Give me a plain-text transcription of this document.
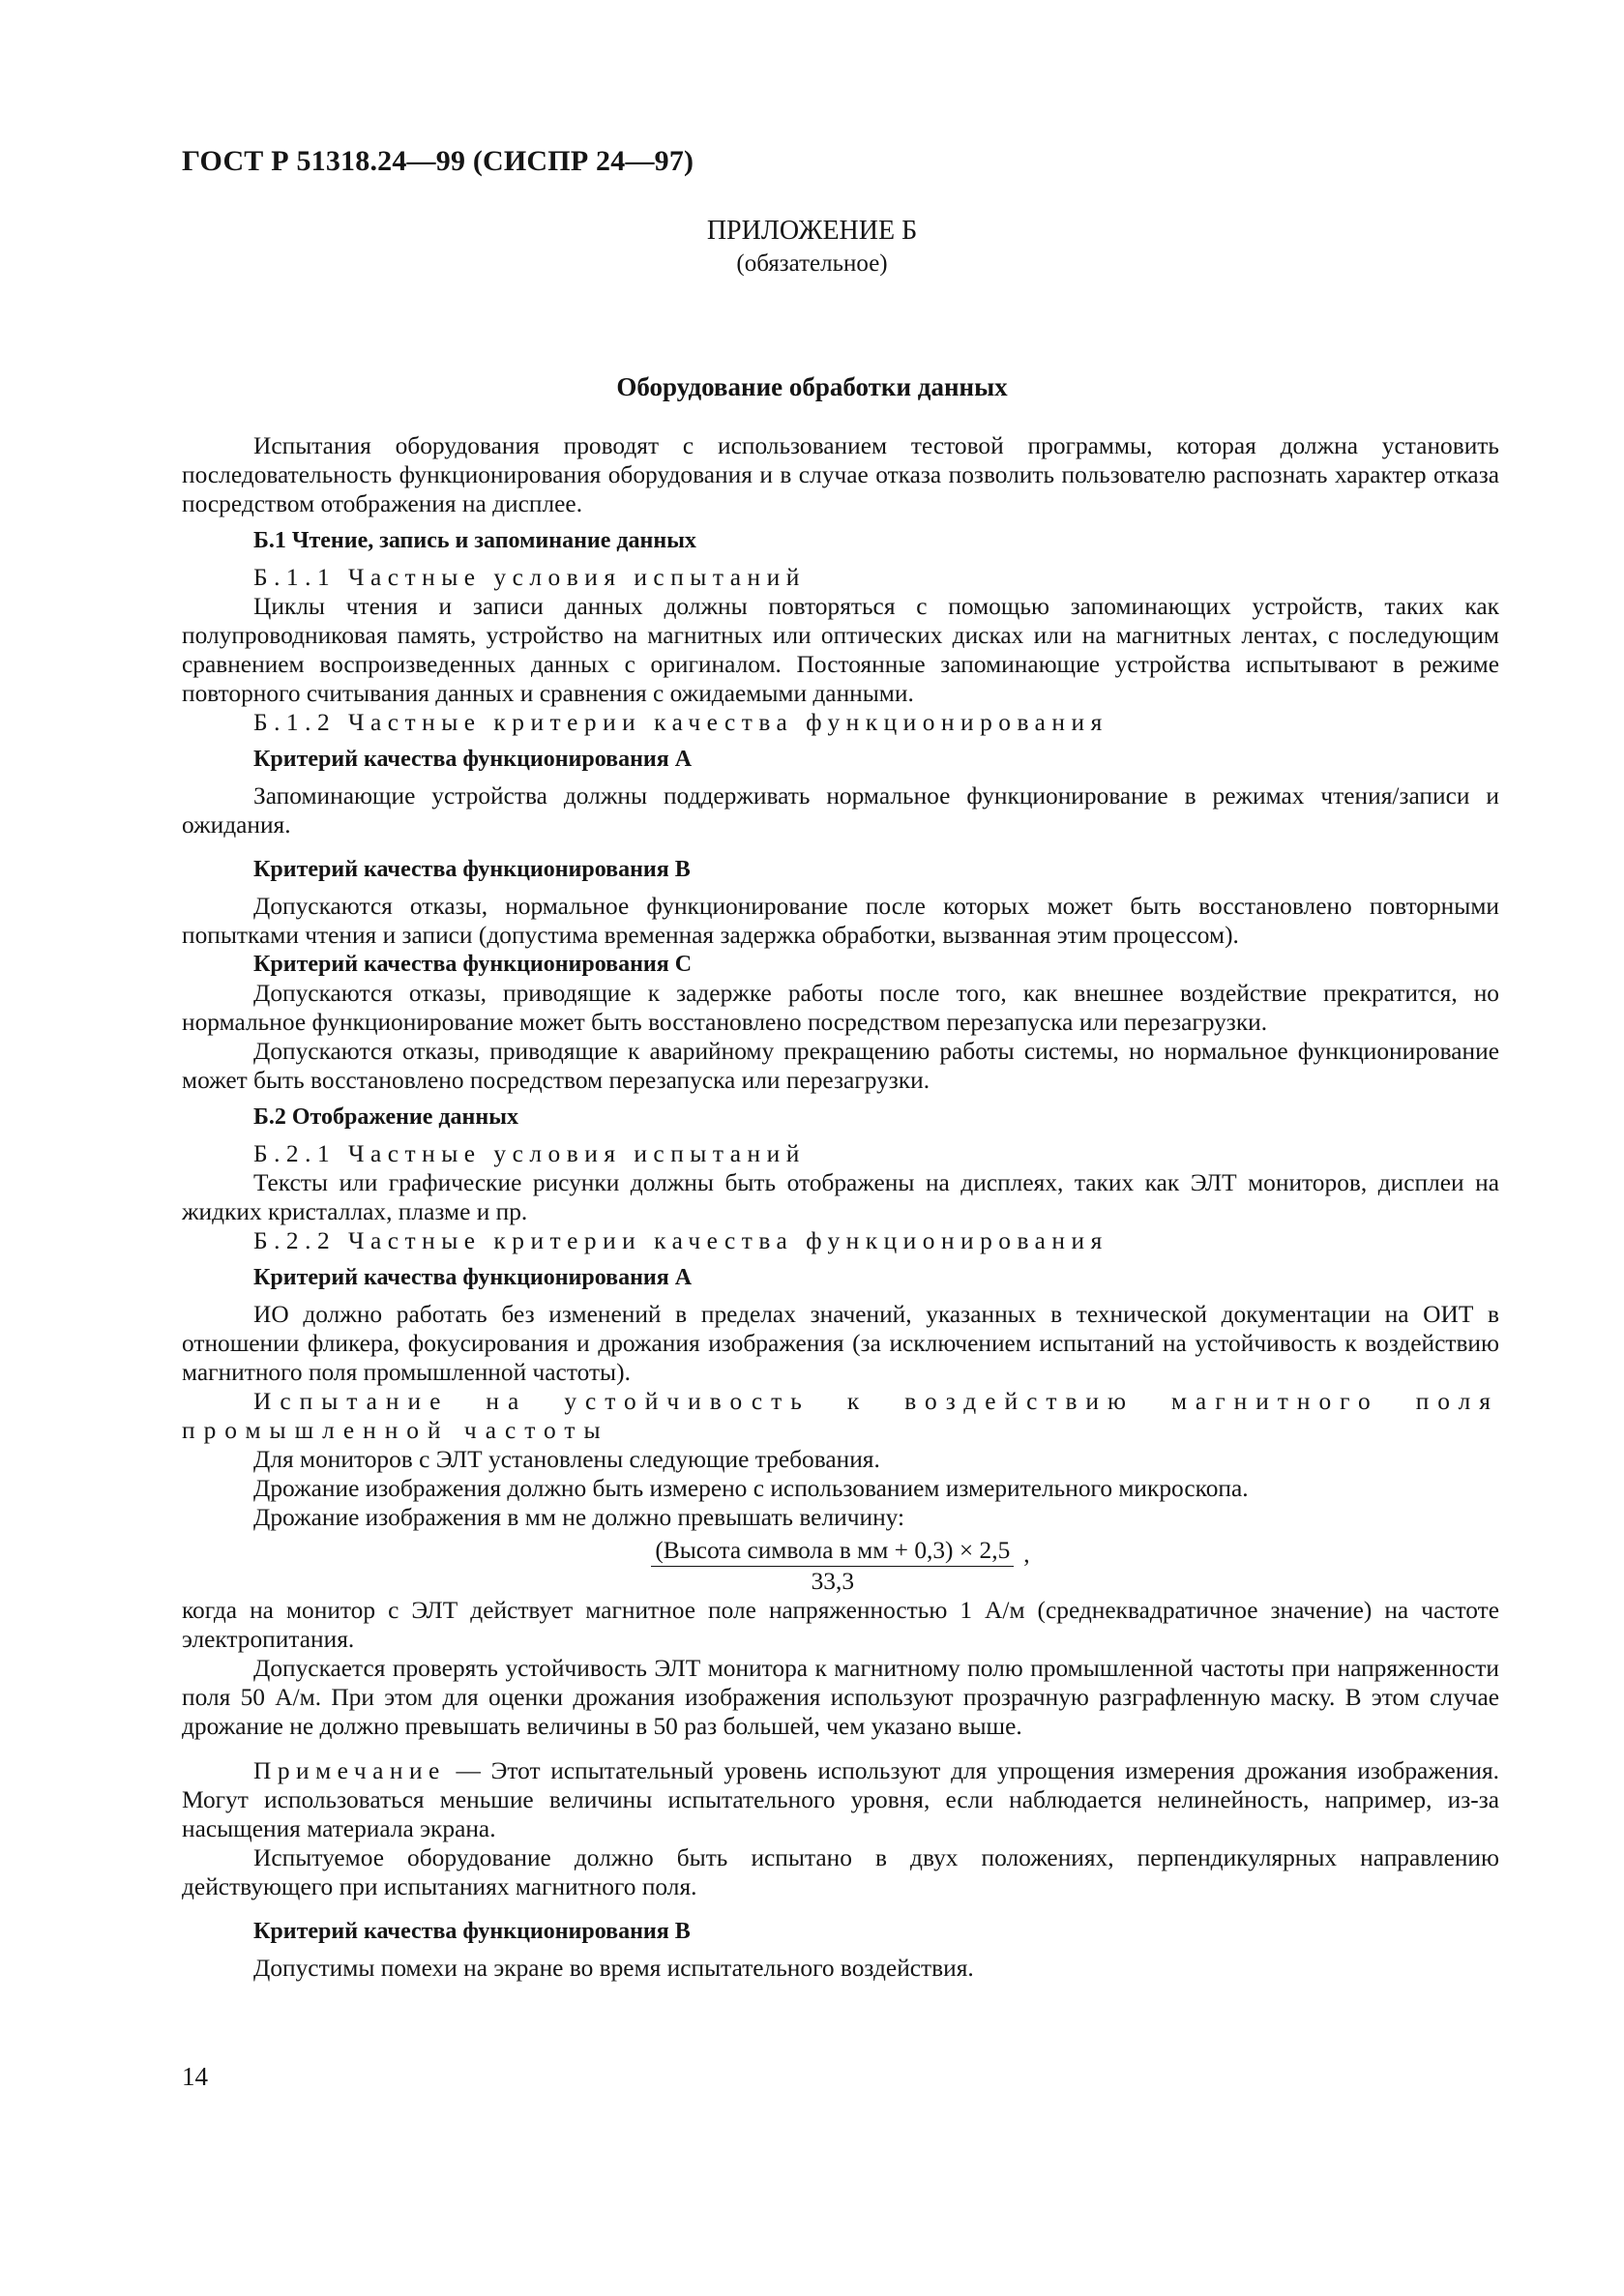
ГОСТ Р 51318.24—99 (СИСПР 24—97)
ПРИЛОЖЕНИЕ Б
(обязательное)
Оборудование обработки данных

Испытания оборудования проводят с использованием тестовой программы, которая должна установить последовательность функционирования оборудования и в случае отказа позволить пользователю распознать характер отказа посредством отображения на дисплее.

Б.1 Чтение, запись и запоминание данных

Б.1.1 Частные условия испытаний

Циклы чтения и записи данных должны повторяться с помощью запоминающих устройств, таких как полупроводниковая память, устройство на магнитных или оптических дисках или на магнитных лентах, с последующим сравнением воспроизведенных данных с оригиналом. Постоянные запоминающие устройства испытывают в режиме повторного считывания данных и сравнения с ожидаемыми данными.

Б.1.2 Частные критерии качества функционирования

Критерий качества функционирования А

Запоминающие устройства должны поддерживать нормальное функционирование в режимах чтения/записи и ожидания.

Критерий качества функционирования В

Допускаются отказы, нормальное функционирование после которых может быть восстановлено повторными попытками чтения и записи (допустима временная задержка обработки, вызванная этим процессом).

Критерий качества функционирования С

Допускаются отказы, приводящие к задержке работы после того, как внешнее воздействие прекратится, но нормальное функционирование может быть восстановлено посредством перезапуска или перезагрузки.

Допускаются отказы, приводящие к аварийному прекращению работы системы, но нормальное функционирование может быть восстановлено посредством перезапуска или перезагрузки.

Б.2 Отображение данных

Б.2.1 Частные условия испытаний

Тексты или графические рисунки должны быть отображены на дисплеях, таких как ЭЛТ мониторов, дисплеи на жидких кристаллах, плазме и пр.

Б.2.2 Частные критерии качества функционирования

Критерий качества функционирования А

ИО должно работать без изменений в пределах значений, указанных в технической документации на ОИТ в отношении фликера, фокусирования и дрожания изображения (за исключением испытаний на устойчивость к воздействию магнитного поля промышленной частоты).

Испытание на устойчивость к воздействию магнитного поля промышленной частоты

Для мониторов с ЭЛТ установлены следующие требования.

Дрожание изображения должно быть измерено с использованием измерительного микроскопа.

Дрожание изображения в мм не должно превышать величину:

$\frac{\text{(Высота символа в мм + 0,3) × 2,5}}{33,3}$ ,

когда на монитор с ЭЛТ действует магнитное поле напряженностью 1 А/м (среднеквадратичное значение) на частоте электропитания.

Допускается проверять устойчивость ЭЛТ монитора к магнитному полю промышленной частоты при напряженности поля 50 А/м. При этом для оценки дрожания изображения используют прозрачную разграфленную маску. В этом случае дрожание не должно превышать величины в 50 раз большей, чем указано выше.

Примечание — Этот испытательный уровень используют для упрощения измерения дрожания изображения. Могут использоваться меньшие величины испытательного уровня, если наблюдается нелинейность, например, из-за насыщения материала экрана.

Испытуемое оборудование должно быть испытано в двух положениях, перпендикулярных направлению действующего при испытаниях магнитного поля.

Критерий качества функционирования В

Допустимы помехи на экране во время испытательного воздействия.

14
